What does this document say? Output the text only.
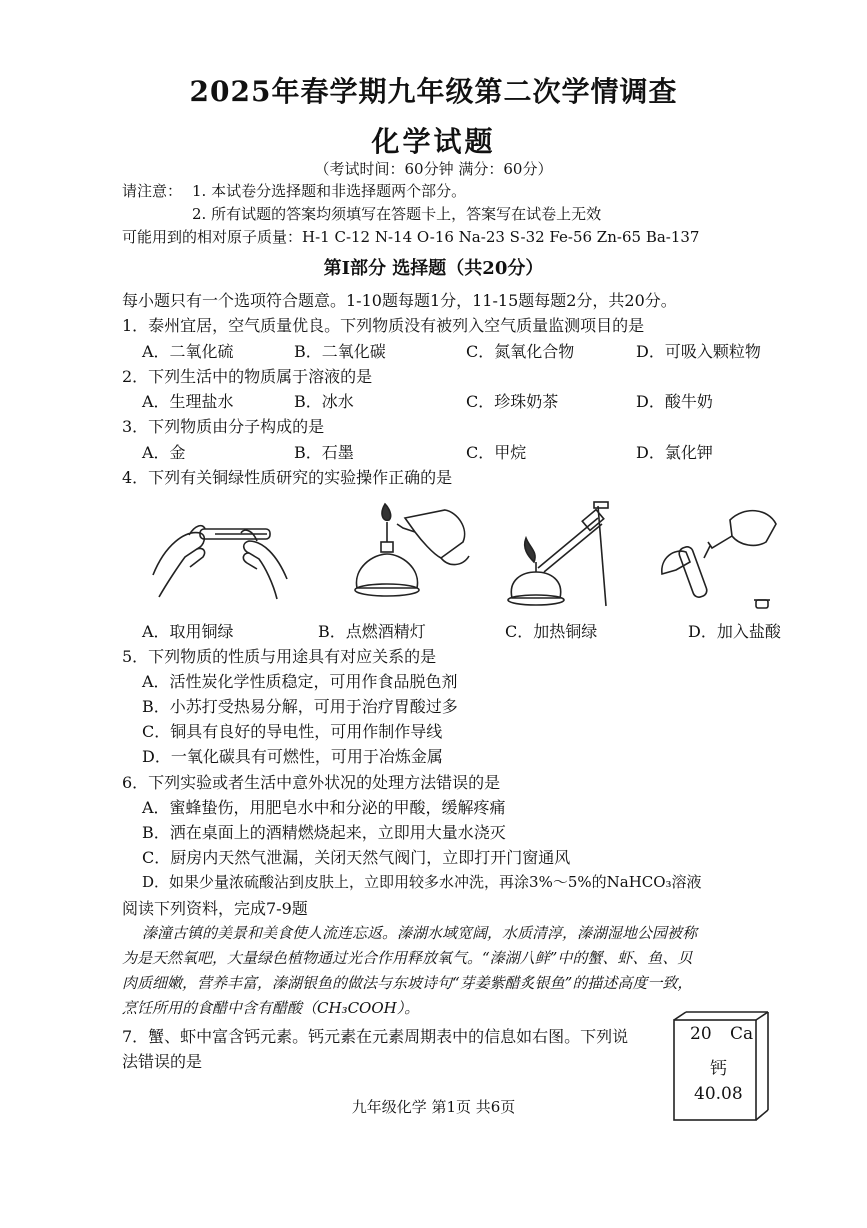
2025年春学期九年级第二次学情调查
化学试题
（考试时间：60分钟 满分：60分）
请注意： 1. 本试卷分选择题和非选择题两个部分。
2. 所有试题的答案均须填写在答题卡上，答案写在试卷上无效
可能用到的相对原子质量：H-1 C-12 N-14 O-16 Na-23 S-32 Fe-56 Zn-65 Ba-137
第Ⅰ部分 选择题（共20分）
每小题只有一个选项符合题意。1-10题每题1分，11-15题每题2分，共20分。
1．泰州宜居，空气质量优良。下列物质没有被列入空气质量监测项目的是
A．二氧化硫	B．二氧化碳	C．氮氧化合物	D．可吸入颗粒物
2．下列生活中的物质属于溶液的是
A．生理盐水	B．冰水	C．珍珠奶茶	D．酸牛奶
3．下列物质由分子构成的是
A．金	B．石墨	C．甲烷	D．氯化钾
4．下列有关铜绿性质研究的实验操作正确的是
A．取用铜绿	B．点燃酒精灯	C．加热铜绿	D．加入盐酸
5．下列物质的性质与用途具有对应关系的是
A．活性炭化学性质稳定，可用作食品脱色剂
B．小苏打受热易分解，可用于治疗胃酸过多
C．铜具有良好的导电性，可用作制作导线
D．一氧化碳具有可燃性，可用于冶炼金属
6．下列实验或者生活中意外状况的处理方法错误的是
A．蜜蜂蛰伤，用肥皂水中和分泌的甲酸，缓解疼痛
B．洒在桌面上的酒精燃烧起来，立即用大量水浇灭
C．厨房内天然气泄漏，关闭天然气阀门，立即打开门窗通风
D．如果少量浓硫酸沾到皮肤上，立即用较多水冲洗，再涂3%～5%的NaHCO₃溶液
阅读下列资料，完成7-9题
溱潼古镇的美景和美食使人流连忘返。溱湖水域宽阔，水质清淳，溱湖湿地公园被称
为是天然氧吧，大量绿色植物通过光合作用释放氧气。“溱湖八鲜”中的蟹、虾、鱼、贝
肉质细嫩，营养丰富，溱湖银鱼的做法与东坡诗句“芽姜紫醋炙银鱼”的描述高度一致，
烹饪所用的食醋中含有醋酸（CH₃COOH）。
7．蟹、虾中富含钙元素。钙元素在元素周期表中的信息如右图。下列说
法错误的是
20 Ca
钙
40.08
九年级化学 第1页 共6页
